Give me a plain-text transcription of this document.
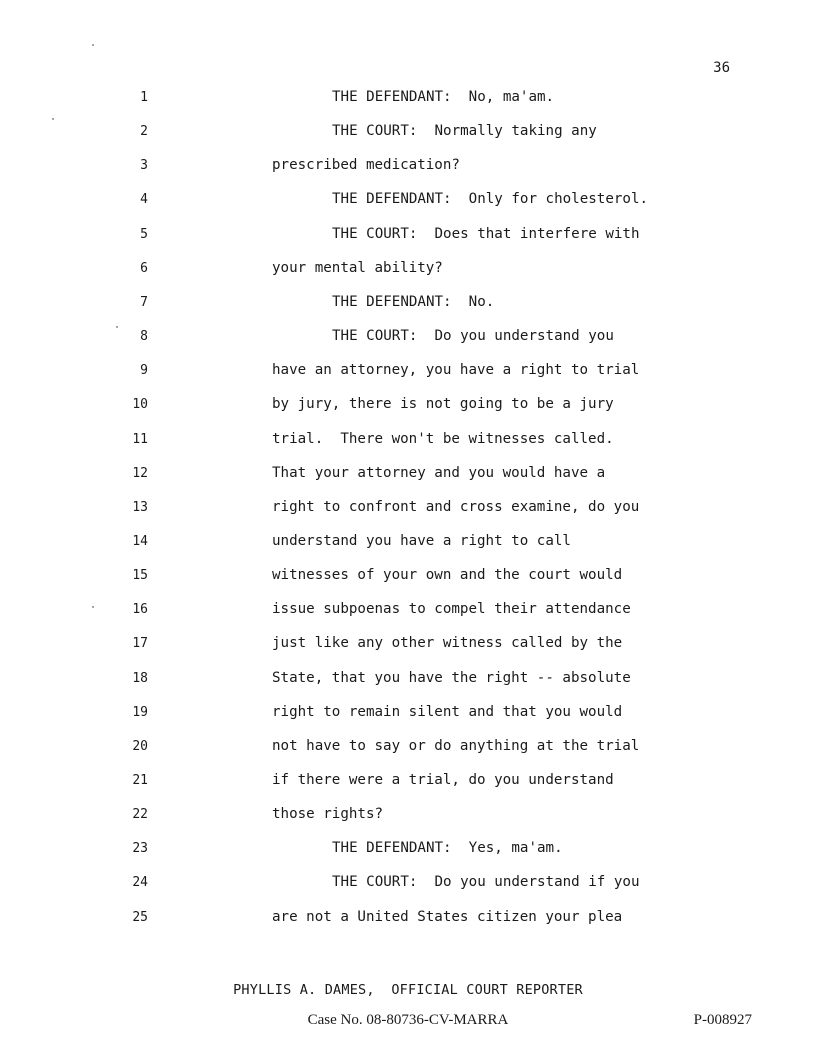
36
1	THE DEFENDANT:  No, ma'am.
2	THE COURT:  Normally taking any
3	prescribed medication?
4	THE DEFENDANT:  Only for cholesterol.
5	THE COURT:  Does that interfere with
6	your mental ability?
7	THE DEFENDANT:  No.
8	THE COURT:  Do you understand you
9	have an attorney, you have a right to trial
10	by jury, there is not going to be a jury
11	trial.  There won't be witnesses called.
12	That your attorney and you would have a
13	right to confront and cross examine, do you
14	understand you have a right to call
15	witnesses of your own and the court would
16	issue subpoenas to compel their attendance
17	just like any other witness called by the
18	State, that you have the right -- absolute
19	right to remain silent and that you would
20	not have to say or do anything at the trial
21	if there were a trial, do you understand
22	those rights?
23	THE DEFENDANT:  Yes, ma'am.
24	THE COURT:  Do you understand if you
25	are not a United States citizen your plea
PHYLLIS A. DAMES,  OFFICIAL COURT REPORTER
Case No. 08-80736-CV-MARRA	P-008927
